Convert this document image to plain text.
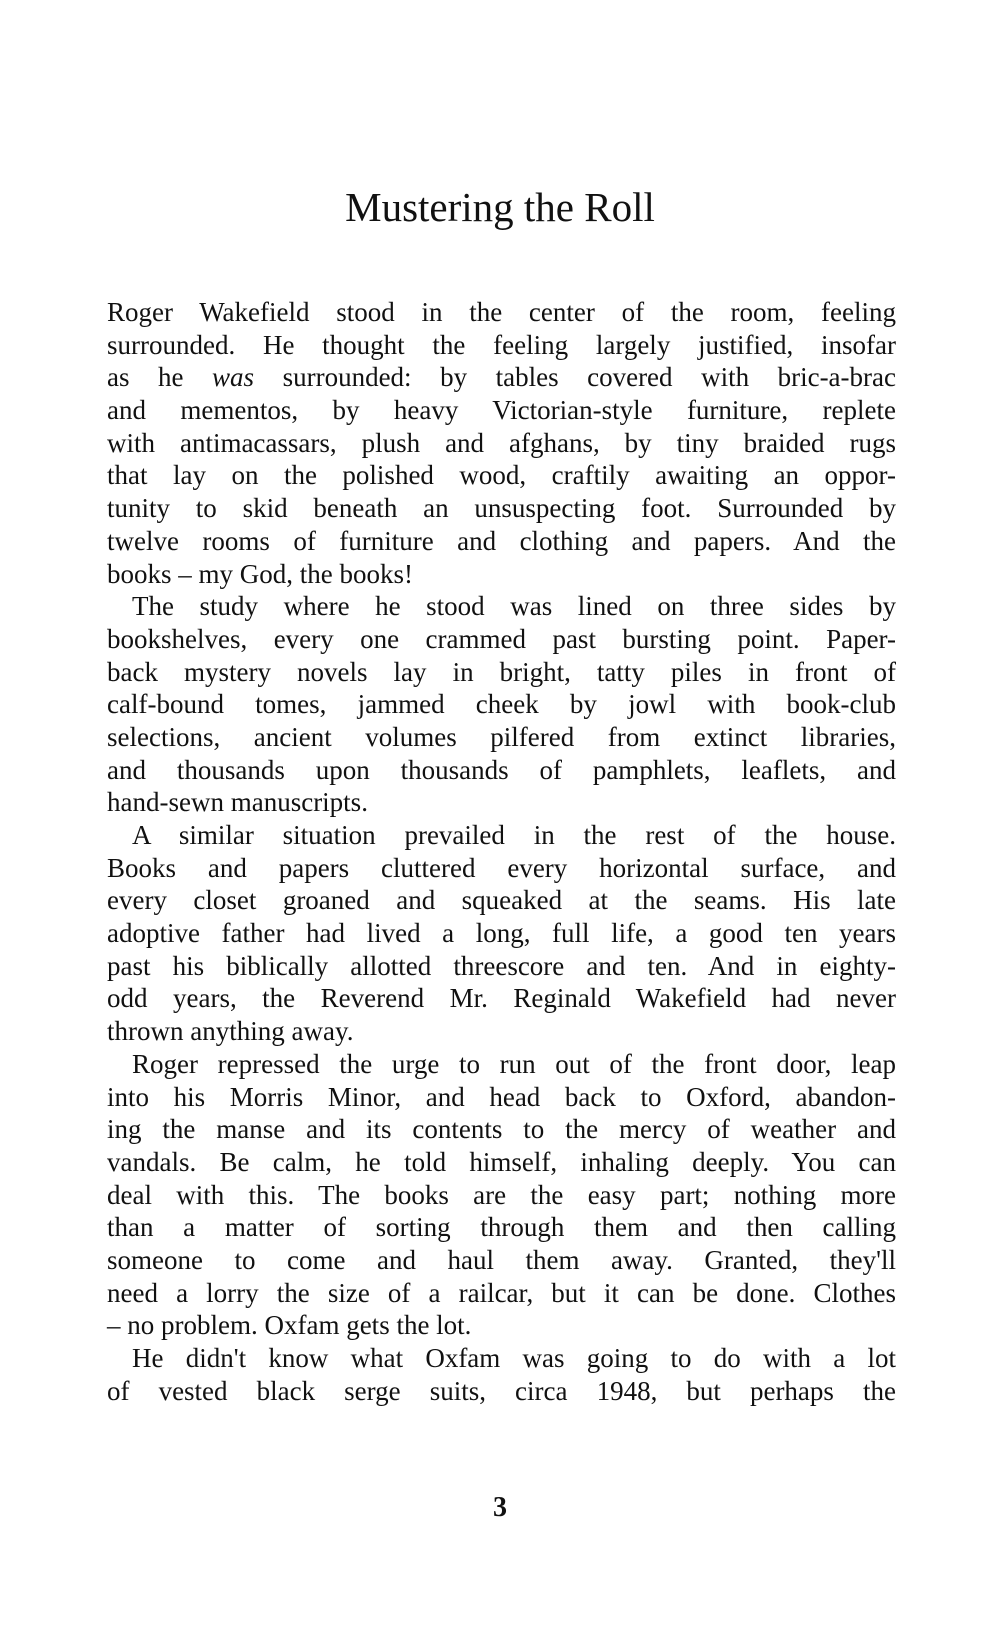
Mustering the Roll
Roger Wakefield stood in the center of the room, feeling
surrounded. He thought the feeling largely justified, insofar
as he was surrounded: by tables covered with bric-a-brac
and mementos, by heavy Victorian-style furniture, replete
with antimacassars, plush and afghans, by tiny braided rugs
that lay on the polished wood, craftily awaiting an oppor-
tunity to skid beneath an unsuspecting foot. Surrounded by
twelve rooms of furniture and clothing and papers. And the
books – my God, the books!
The study where he stood was lined on three sides by
bookshelves, every one crammed past bursting point. Paper-
back mystery novels lay in bright, tatty piles in front of
calf-bound tomes, jammed cheek by jowl with book-club
selections, ancient volumes pilfered from extinct libraries,
and thousands upon thousands of pamphlets, leaflets, and
hand-sewn manuscripts.
A similar situation prevailed in the rest of the house.
Books and papers cluttered every horizontal surface, and
every closet groaned and squeaked at the seams. His late
adoptive father had lived a long, full life, a good ten years
past his biblically allotted threescore and ten. And in eighty-
odd years, the Reverend Mr. Reginald Wakefield had never
thrown anything away.
Roger repressed the urge to run out of the front door, leap
into his Morris Minor, and head back to Oxford, abandon-
ing the manse and its contents to the mercy of weather and
vandals. Be calm, he told himself, inhaling deeply. You can
deal with this. The books are the easy part; nothing more
than a matter of sorting through them and then calling
someone to come and haul them away. Granted, they'll
need a lorry the size of a railcar, but it can be done. Clothes
– no problem. Oxfam gets the lot.
He didn't know what Oxfam was going to do with a lot
of vested black serge suits, circa 1948, but perhaps the
3
